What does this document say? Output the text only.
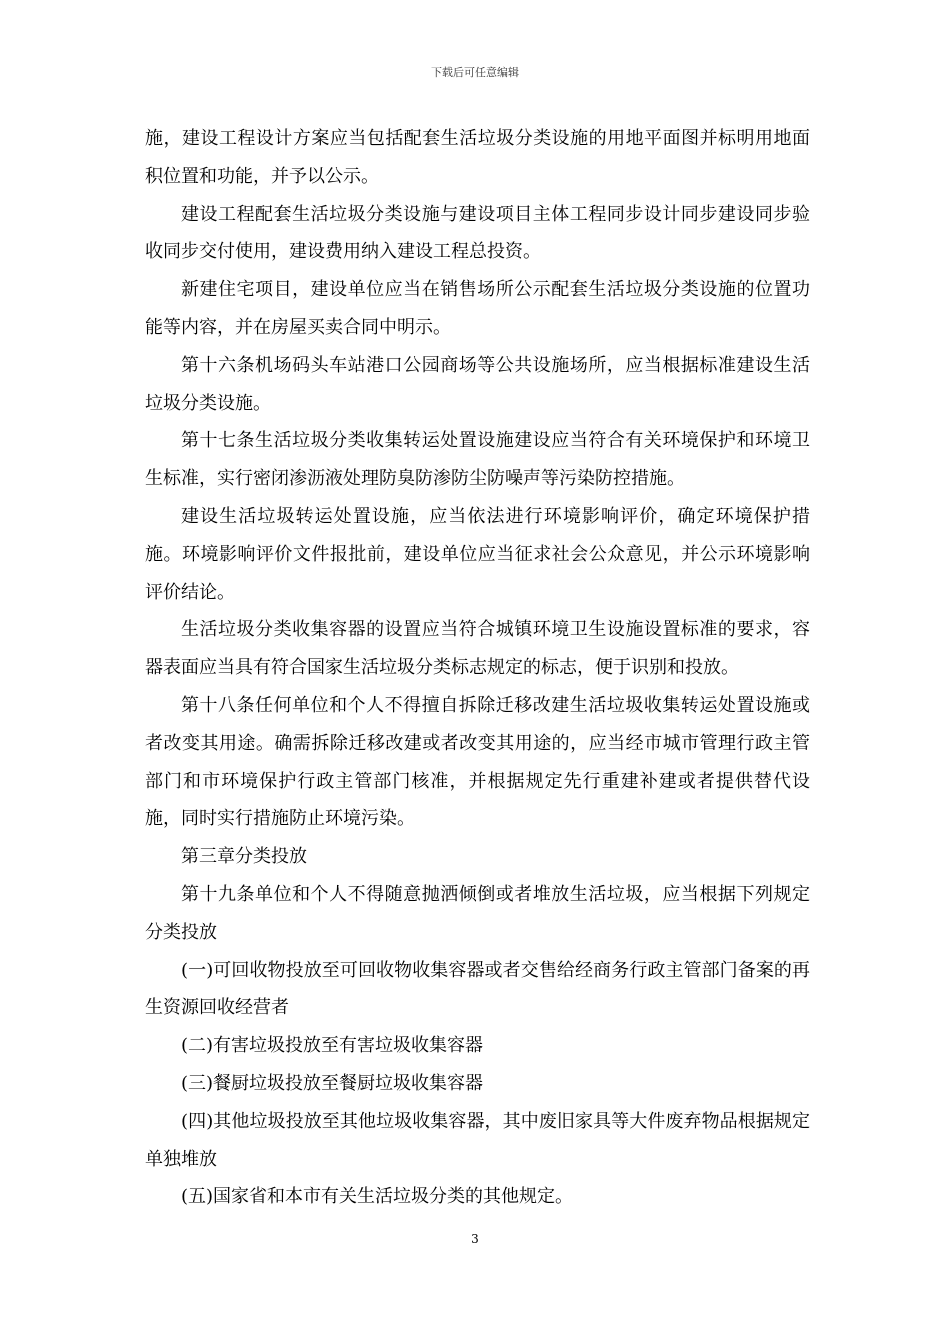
下载后可任意编辑

施，建设工程设计方案应当包括配套生活垃圾分类设施的用地平面图并标明用地面积位置和功能，并予以公示。

建设工程配套生活垃圾分类设施与建设项目主体工程同步设计同步建设同步验收同步交付使用，建设费用纳入建设工程总投资。

新建住宅项目，建设单位应当在销售场所公示配套生活垃圾分类设施的位置功能等内容，并在房屋买卖合同中明示。

第十六条机场码头车站港口公园商场等公共设施场所，应当根据标准建设生活垃圾分类设施。

第十七条生活垃圾分类收集转运处置设施建设应当符合有关环境保护和环境卫生标准，实行密闭渗沥液处理防臭防渗防尘防噪声等污染防控措施。

建设生活垃圾转运处置设施，应当依法进行环境影响评价，确定环境保护措施。环境影响评价文件报批前，建设单位应当征求社会公众意见，并公示环境影响评价结论。

生活垃圾分类收集容器的设置应当符合城镇环境卫生设施设置标准的要求，容器表面应当具有符合国家生活垃圾分类标志规定的标志，便于识别和投放。

第十八条任何单位和个人不得擅自拆除迁移改建生活垃圾收集转运处置设施或者改变其用途。确需拆除迁移改建或者改变其用途的，应当经市城市管理行政主管部门和市环境保护行政主管部门核准，并根据规定先行重建补建或者提供替代设施，同时实行措施防止环境污染。

第三章分类投放

第十九条单位和个人不得随意抛洒倾倒或者堆放生活垃圾，应当根据下列规定分类投放

(一)可回收物投放至可回收物收集容器或者交售给经商务行政主管部门备案的再生资源回收经营者

(二)有害垃圾投放至有害垃圾收集容器

(三)餐厨垃圾投放至餐厨垃圾收集容器

(四)其他垃圾投放至其他垃圾收集容器，其中废旧家具等大件废弃物品根据规定单独堆放

(五)国家省和本市有关生活垃圾分类的其他规定。

3
